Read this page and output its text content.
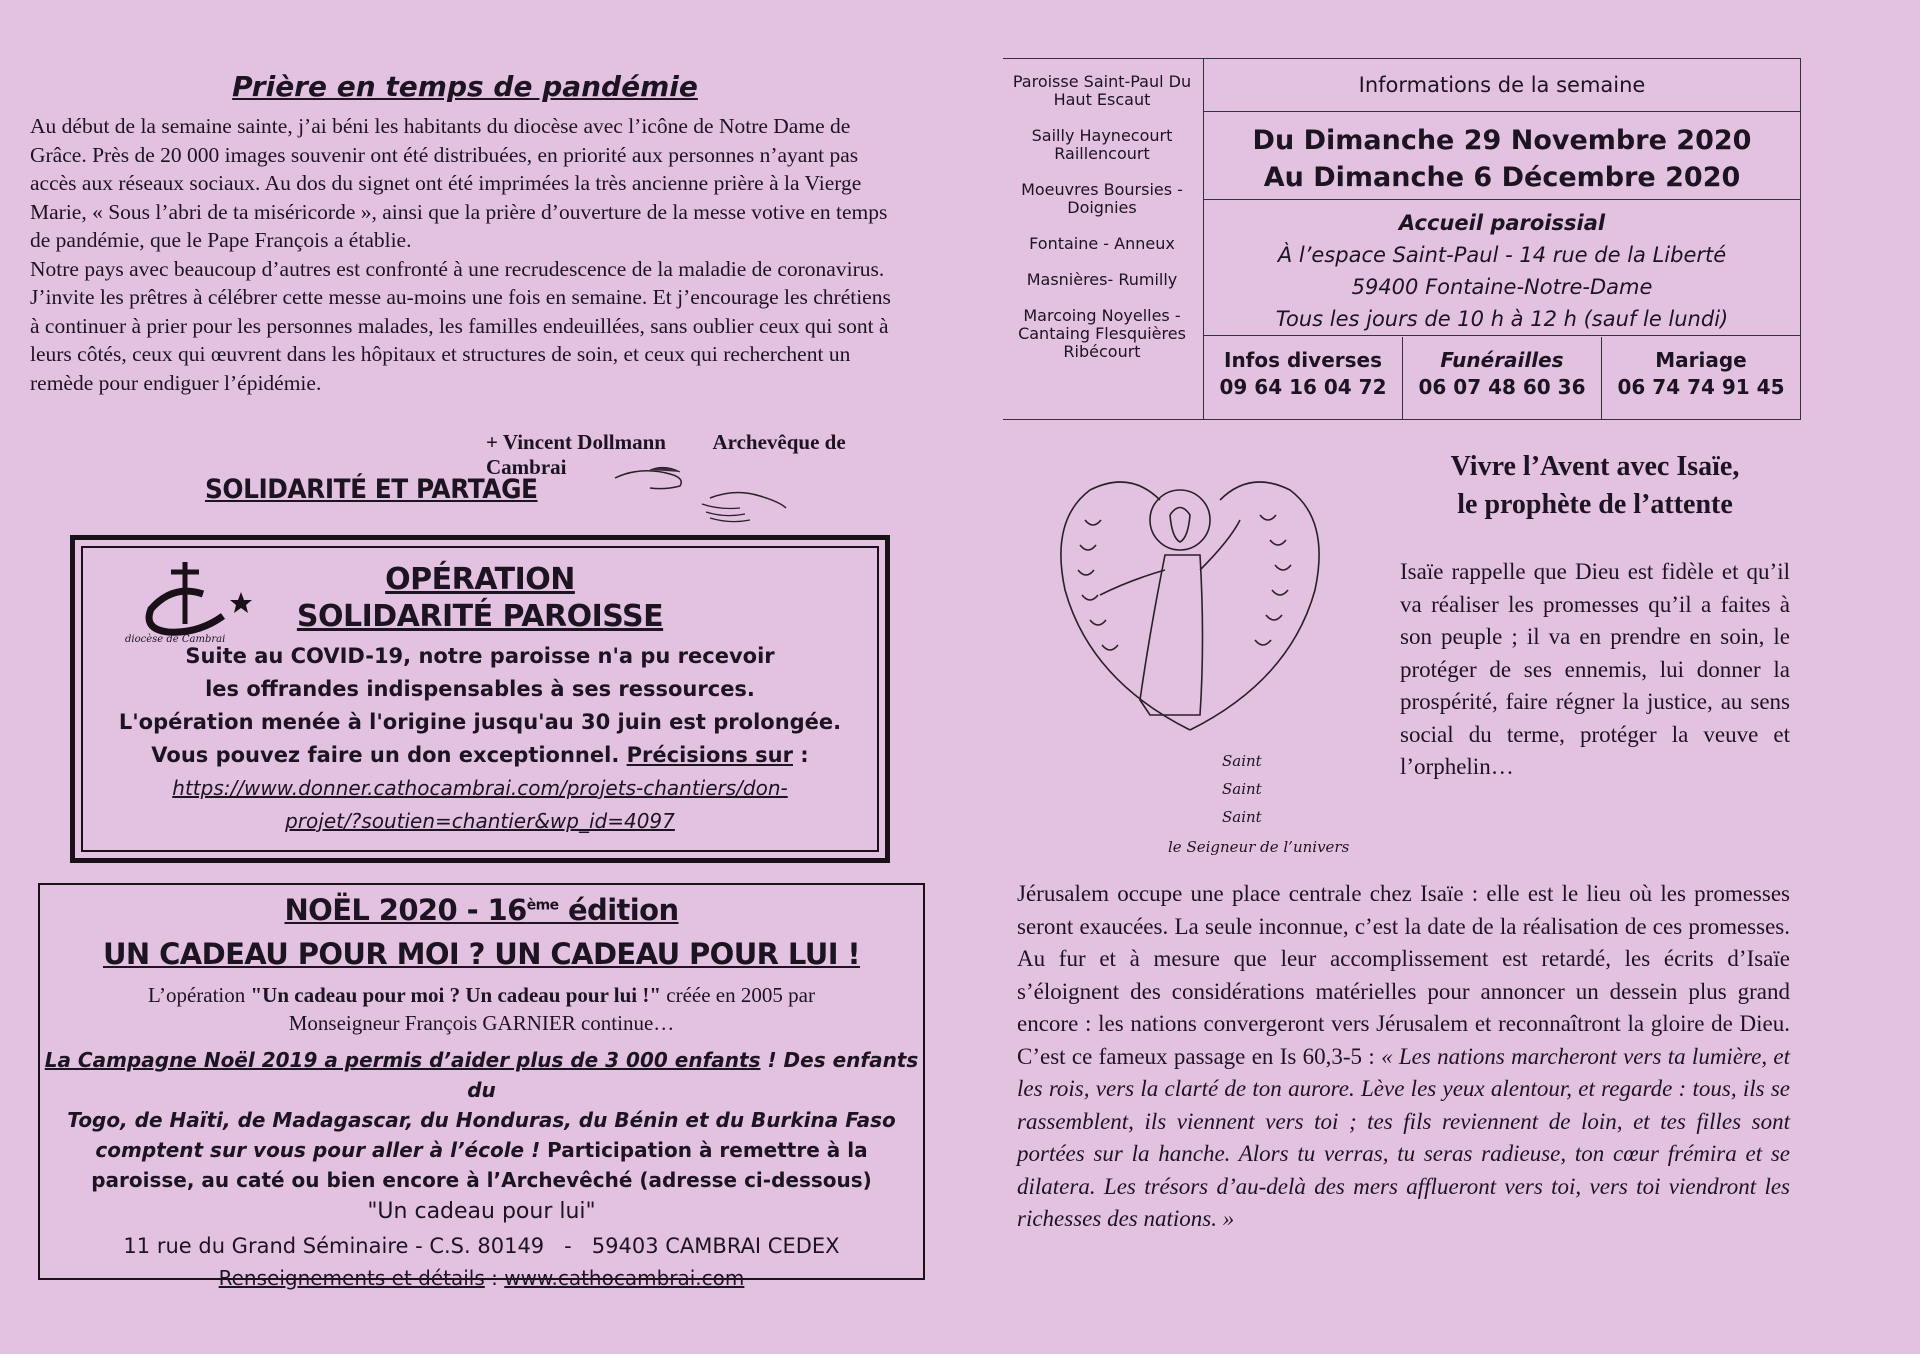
Prière en temps de pandémie

Au début de la semaine sainte, j’ai béni les habitants du diocèse avec l’icône de Notre Dame de Grâce. Près de 20 000 images souvenir ont été distribuées, en priorité aux personnes n’ayant pas accès aux réseaux sociaux. Au dos du signet ont été imprimées la très ancienne prière à la Vierge Marie, « Sous l’abri de ta miséricorde », ainsi que la prière d’ouverture de la messe votive en temps de pandémie, que le Pape François a établie.

Notre pays avec beaucoup d’autres est confronté à une recrudescence de la maladie de coronavirus. J’invite les prêtres à célébrer cette messe au-moins une fois en semaine. Et j’encourage les chrétiens à continuer à prier pour les personnes malades, les familles endeuillées, sans oublier ceux qui sont à leurs côtés, ceux qui œuvrent dans les hôpitaux et structures de soin, et ceux qui recherchent un remède pour endiguer l’épidémie.

+ Vincent Dollmann Archevêque de Cambrai
SOLIDARITÉ ET PARTAGE
diocèse de Cambrai
OPÉRATION
SOLIDARITÉ PAROISSE
Suite au COVID-19, notre paroisse n'a pu recevoir
les offrandes indispensables à ses ressources.
L'opération menée à l'origine jusqu'au 30 juin est prolongée.
Vous pouvez faire un don exceptionnel. Précisions sur :
https://www.donner.cathocambrai.com/projets-chantiers/don-
projet/?soutien=chantier&wp_id=4097
NOËL 2020 - 16ème édition
UN CADEAU POUR MOI ? UN CADEAU POUR LUI !
L’opération "Un cadeau pour moi ? Un cadeau pour lui !" créée en 2005 par
Monseigneur François GARNIER continue…
La Campagne Noël 2019 a permis d’aider plus de 3 000 enfants ! Des enfants du
Togo, de Haïti, de Madagascar, du Honduras, du Bénin et du Burkina Faso
comptent sur vous pour aller à l’école ! Participation à remettre à la
paroisse, au caté ou bien encore à l’Archevêché (adresse ci-dessous)
"Un cadeau pour lui"
11 rue du Grand Séminaire - C.S. 80149   -   59403 CAMBRAI CEDEX
Renseignements et détails : www.cathocambrai.com
Paroisse Saint-Paul Du Haut Escaut
Sailly Haynecourt Raillencourt
Moeuvres Boursies - Doignies
Fontaine - Anneux
Masnières- Rumilly
Marcoing Noyelles - Cantaing Flesquières Ribécourt
Informations de la semaine
Du Dimanche 29 Novembre 2020
Au Dimanche 6 Décembre 2020
Accueil paroissial
À l’espace Saint-Paul - 14 rue de la Liberté
59400 Fontaine-Notre-Dame
Tous les jours de 10 h à 12 h (sauf le lundi)
Infos diverses
09 64 16 04 72
Funérailles
06 07 48 60 36
Mariage
06 74 74 91 45
Saint
Saint
Saint
le Seigneur de l’univers
Vivre l’Avent avec Isaïe,
le prophète de l’attente
Isaïe rappelle que Dieu est fidèle et qu’il va réaliser les promesses qu’il a faites à son peuple ; il va en prendre en soin, le protéger de ses ennemis, lui donner la prospérité, faire régner la justice, au sens social du terme, protéger la veuve et l’orphelin…
Jérusalem occupe une place centrale chez Isaïe : elle est le lieu où les promesses seront exaucées. La seule inconnue, c’est la date de la réalisation de ces promesses. Au fur et à mesure que leur accomplissement est retardé, les écrits d’Isaïe s’éloignent des considérations matérielles pour annoncer un dessein plus grand encore : les nations convergeront vers Jérusalem et reconnaîtront la gloire de Dieu. C’est ce fameux passage en Is 60,3-5 : « Les nations marcheront vers ta lumière, et les rois, vers la clarté de ton aurore. Lève les yeux alentour, et regarde : tous, ils se rassemblent, ils viennent vers toi ; tes fils reviennent de loin, et tes filles sont portées sur la hanche. Alors tu verras, tu seras radieuse, ton cœur frémira et se dilatera. Les trésors d’au-delà des mers afflueront vers toi, vers toi viendront les richesses des nations. »
